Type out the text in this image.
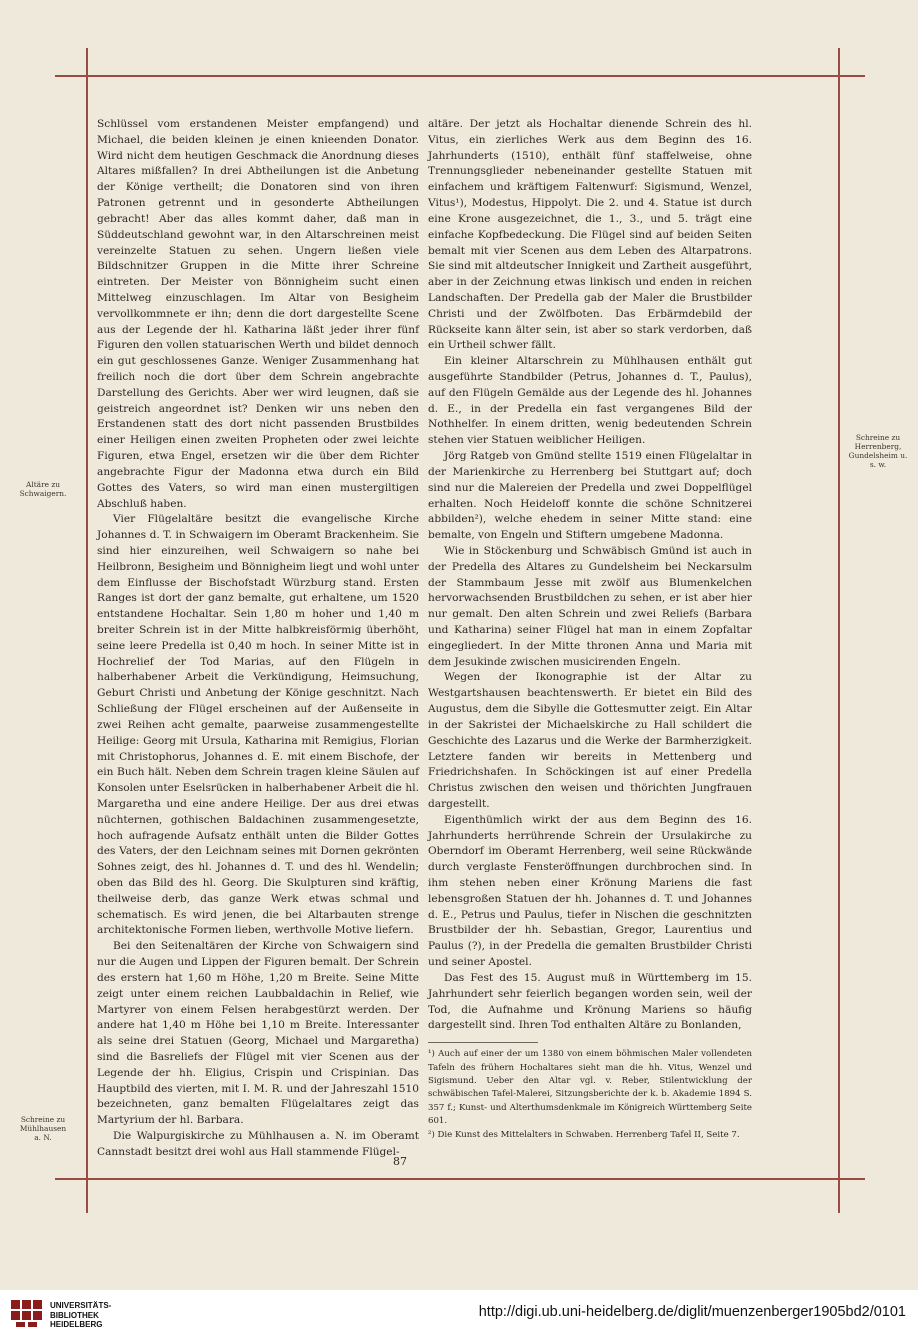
Schlüssel vom erstandenen Meister empfangend) und Michael, die beiden kleinen je einen knieenden Donator. Wird nicht dem heutigen Geschmack die Anordnung dieses Altares mißfallen? In drei Abtheilungen ist die Anbetung der Könige vertheilt; die Donatoren sind von ihren Patronen getrennt und in gesonderte Abtheilungen gebracht! Aber das alles kommt daher, daß man in Süddeutschland gewohnt war, in den Altarschreinen meist vereinzelte Statuen zu sehen. Ungern ließen viele Bildschnitzer Gruppen in die Mitte ihrer Schreine eintreten. Der Meister von Bönnigheim sucht einen Mittelweg einzuschlagen. Im Altar von Besigheim vervollkommnete er ihn; denn die dort dargestellte Scene aus der Legende der hl. Katharina läßt jeder ihrer fünf Figuren den vollen statuarischen Werth und bildet dennoch ein gut geschlossenes Ganze. Weniger Zusammenhang hat freilich noch die dort über dem Schrein angebrachte Darstellung des Gerichts. Aber wer wird leugnen, daß sie geistreich angeordnet ist? Denken wir uns neben den Erstandenen statt des dort nicht passenden Brustbildes einer Heiligen einen zweiten Propheten oder zwei leichte Figuren, etwa Engel, ersetzen wir die über dem Richter angebrachte Figur der Madonna etwa durch ein Bild Gottes des Vaters, so wird man einen mustergiltigen Abschluß haben.

Vier Flügelaltäre besitzt die evangelische Kirche Johannes d. T. in Schwaigern im Oberamt Brackenheim. Sie sind hier einzureihen, weil Schwaigern so nahe bei Heilbronn, Besigheim und Bönnigheim liegt und wohl unter dem Einflusse der Bischofstadt Würzburg stand. Ersten Ranges ist dort der ganz bemalte, gut erhaltene, um 1520 entstandene Hochaltar. Sein 1,80 m hoher und 1,40 m breiter Schrein ist in der Mitte halbkreisförmig überhöht, seine leere Predella ist 0,40 m hoch. In seiner Mitte ist in Hochrelief der Tod Marias, auf den Flügeln in halberhabener Arbeit die Verkündigung, Heimsuchung, Geburt Christi und Anbetung der Könige geschnitzt. Nach Schließung der Flügel erscheinen auf der Außenseite in zwei Reihen acht gemalte, paarweise zusammengestellte Heilige: Georg mit Ursula, Katharina mit Remigius, Florian mit Christophorus, Johannes d. E. mit einem Bischofe, der ein Buch hält. Neben dem Schrein tragen kleine Säulen auf Konsolen unter Eselsrücken in halberhabener Arbeit die hl. Margaretha und eine andere Heilige. Der aus drei etwas nüchternen, gothischen Baldachinen zusammengesetzte, hoch aufragende Aufsatz enthält unten die Bilder Gottes des Vaters, der den Leichnam seines mit Dornen gekrönten Sohnes zeigt, des hl. Johannes d. T. und des hl. Wendelin; oben das Bild des hl. Georg. Die Skulpturen sind kräftig, theilweise derb, das ganze Werk etwas schmal und schematisch. Es wird jenen, die bei Altarbauten strenge architektonische Formen lieben, werthvolle Motive liefern.

Bei den Seitenaltären der Kirche von Schwaigern sind nur die Augen und Lippen der Figuren bemalt. Der Schrein des erstern hat 1,60 m Höhe, 1,20 m Breite. Seine Mitte zeigt unter einem reichen Laubbaldachin in Relief, wie Martyrer von einem Felsen herabgestürzt werden. Der andere hat 1,40 m Höhe bei 1,10 m Breite. Interessanter als seine drei Statuen (Georg, Michael und Margaretha) sind die Basreliefs der Flügel mit vier Scenen aus der Legende der hh. Eligius, Crispin und Crispinian. Das Hauptbild des vierten, mit I. M. R. und der Jahreszahl 1510 bezeichneten, ganz bemalten Flügelaltares zeigt das Martyrium der hl. Barbara.

Die Walpurgiskirche zu Mühlhausen a. N. im Oberamt Cannstadt besitzt drei wohl aus Hall stammende Flügel-

altäre. Der jetzt als Hochaltar dienende Schrein des hl. Vitus, ein zierliches Werk aus dem Beginn des 16. Jahrhunderts (1510), enthält fünf staffelweise, ohne Trennungsglieder nebeneinander gestellte Statuen mit einfachem und kräftigem Faltenwurf: Sigismund, Wenzel, Vitus¹), Modestus, Hippolyt. Die 2. und 4. Statue ist durch eine Krone ausgezeichnet, die 1., 3., und 5. trägt eine einfache Kopfbedeckung. Die Flügel sind auf beiden Seiten bemalt mit vier Scenen aus dem Leben des Altarpatrons. Sie sind mit altdeutscher Innigkeit und Zartheit ausgeführt, aber in der Zeichnung etwas linkisch und enden in reichen Landschaften. Der Predella gab der Maler die Brustbilder Christi und der Zwölfboten. Das Erbärmdebild der Rückseite kann älter sein, ist aber so stark verdorben, daß ein Urtheil schwer fällt.

Ein kleiner Altarschrein zu Mühlhausen enthält gut ausgeführte Standbilder (Petrus, Johannes d. T., Paulus), auf den Flügeln Gemälde aus der Legende des hl. Johannes d. E., in der Predella ein fast vergangenes Bild der Nothhelfer. In einem dritten, wenig bedeutenden Schrein stehen vier Statuen weiblicher Heiligen.

Jörg Ratgeb von Gmünd stellte 1519 einen Flügelaltar in der Marienkirche zu Herrenberg bei Stuttgart auf; doch sind nur die Malereien der Predella und zwei Doppelflügel erhalten. Noch Heideloff konnte die schöne Schnitzerei abbilden²), welche ehedem in seiner Mitte stand: eine bemalte, von Engeln und Stiftern umgebene Madonna.

Wie in Stöckenburg und Schwäbisch Gmünd ist auch in der Predella des Altares zu Gundelsheim bei Neckarsulm der Stammbaum Jesse mit zwölf aus Blumenkelchen hervorwachsenden Brustbildchen zu sehen, er ist aber hier nur gemalt. Den alten Schrein und zwei Reliefs (Barbara und Katharina) seiner Flügel hat man in einem Zopfaltar eingegliedert. In der Mitte thronen Anna und Maria mit dem Jesukinde zwischen musicirenden Engeln.

Wegen der Ikonographie ist der Altar zu Westgartshausen beachtenswerth. Er bietet ein Bild des Augustus, dem die Sibylle die Gottesmutter zeigt. Ein Altar in der Sakristei der Michaelskirche zu Hall schildert die Geschichte des Lazarus und die Werke der Barmherzigkeit. Letztere fanden wir bereits in Mettenberg und Friedrichshafen. In Schöckingen ist auf einer Predella Christus zwischen den weisen und thörichten Jungfrauen dargestellt.

Eigenthümlich wirkt der aus dem Beginn des 16. Jahrhunderts herrührende Schrein der Ursulakirche zu Oberndorf im Oberamt Herrenberg, weil seine Rückwände durch verglaste Fensteröffnungen durchbrochen sind. In ihm stehen neben einer Krönung Mariens die fast lebensgroßen Statuen der hh. Johannes d. T. und Johannes d. E., Petrus und Paulus, tiefer in Nischen die geschnitzten Brustbilder der hh. Sebastian, Gregor, Laurentius und Paulus (?), in der Predella die gemalten Brustbilder Christi und seiner Apostel.

Das Fest des 15. August muß in Württemberg im 15. Jahrhundert sehr feierlich begangen worden sein, weil der Tod, die Aufnahme und Krönung Mariens so häufig dargestellt sind. Ihren Tod enthalten Altäre zu Bonlanden,

¹) Auch auf einer der um 1380 von einem böhmischen Maler vollendeten Tafeln des frühern Hochaltares sieht man die hh. Vitus, Wenzel und Sigismund. Ueber den Altar vgl. v. Reber, Stilentwicklung der schwäbischen Tafel-Malerei, Sitzungsberichte der k. b. Akademie 1894 S. 357 f.; Kunst- und Alterthumsdenkmale im Königreich Württemberg Seite 601.

²) Die Kunst des Mittelalters in Schwaben. Herrenberg Tafel II, Seite 7.

Altäre zu Schwaigern.
Schreine zu Mühlhausen a. N.
Schreine zu Herrenberg, Gundelsheim u. s. w.
87
UNIVERSITÄTS-
BIBLIOTHEK
HEIDELBERG
http://digi.ub.uni-heidelberg.de/diglit/muenzenberger1905bd2/0101
